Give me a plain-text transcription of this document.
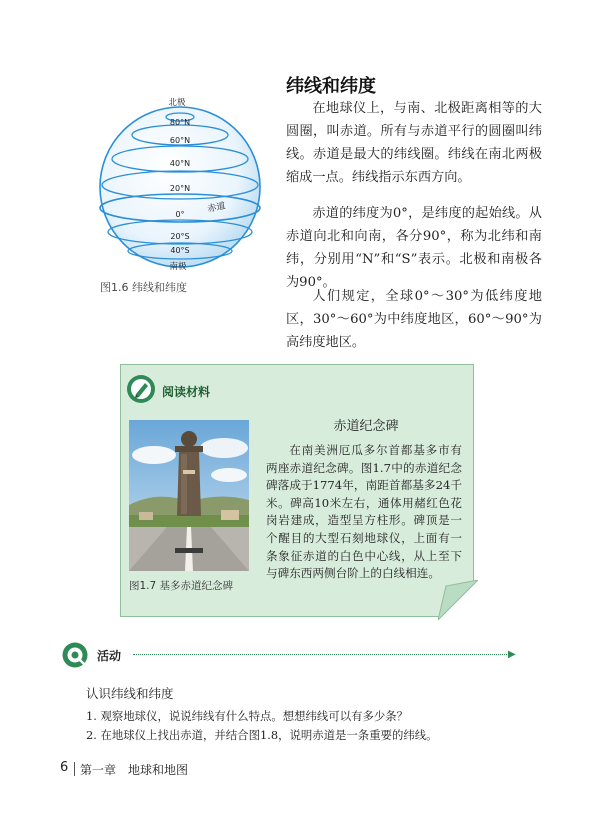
北极
80°N
60°N
40°N
20°N
0°
20°S
40°S
南极
赤道
图1.6 纬线和纬度
纬线和纬度

在地球仪上，与南、北极距离相等的大圆圈，叫赤道。所有与赤道平行的圆圈叫纬线。赤道是最大的纬线圈。纬线在南北两极缩成一点。纬线指示东西方向。

赤道的纬度为0°，是纬度的起始线。从赤道向北和向南，各分90°，称为北纬和南纬，分别用“N”和“S”表示。北极和南极各为90°。

人们规定，全球0°～30°为低纬度地区，30°～60°为中纬度地区，60°～90°为高纬度地区。

阅读材料
图1.7 基多赤道纪念碑
赤道纪念碑
在南美洲厄瓜多尔首都基多市有两座赤道纪念碑。图1.7中的赤道纪念碑落成于1774年，南距首都基多24千米。碑高10米左右，通体用赭红色花岗岩建成，造型呈方柱形。碑顶是一个醒目的大型石刻地球仪，上面有一条象征赤道的白色中心线，从上至下与碑东西两侧台阶上的白线相连。
活动	▶
认识纬线和纬度
1. 观察地球仪，说说纬线有什么特点。想想纬线可以有多少条？
2. 在地球仪上找出赤道，并结合图1.8，说明赤道是一条重要的纬线。
6 第一章　地球和地图
